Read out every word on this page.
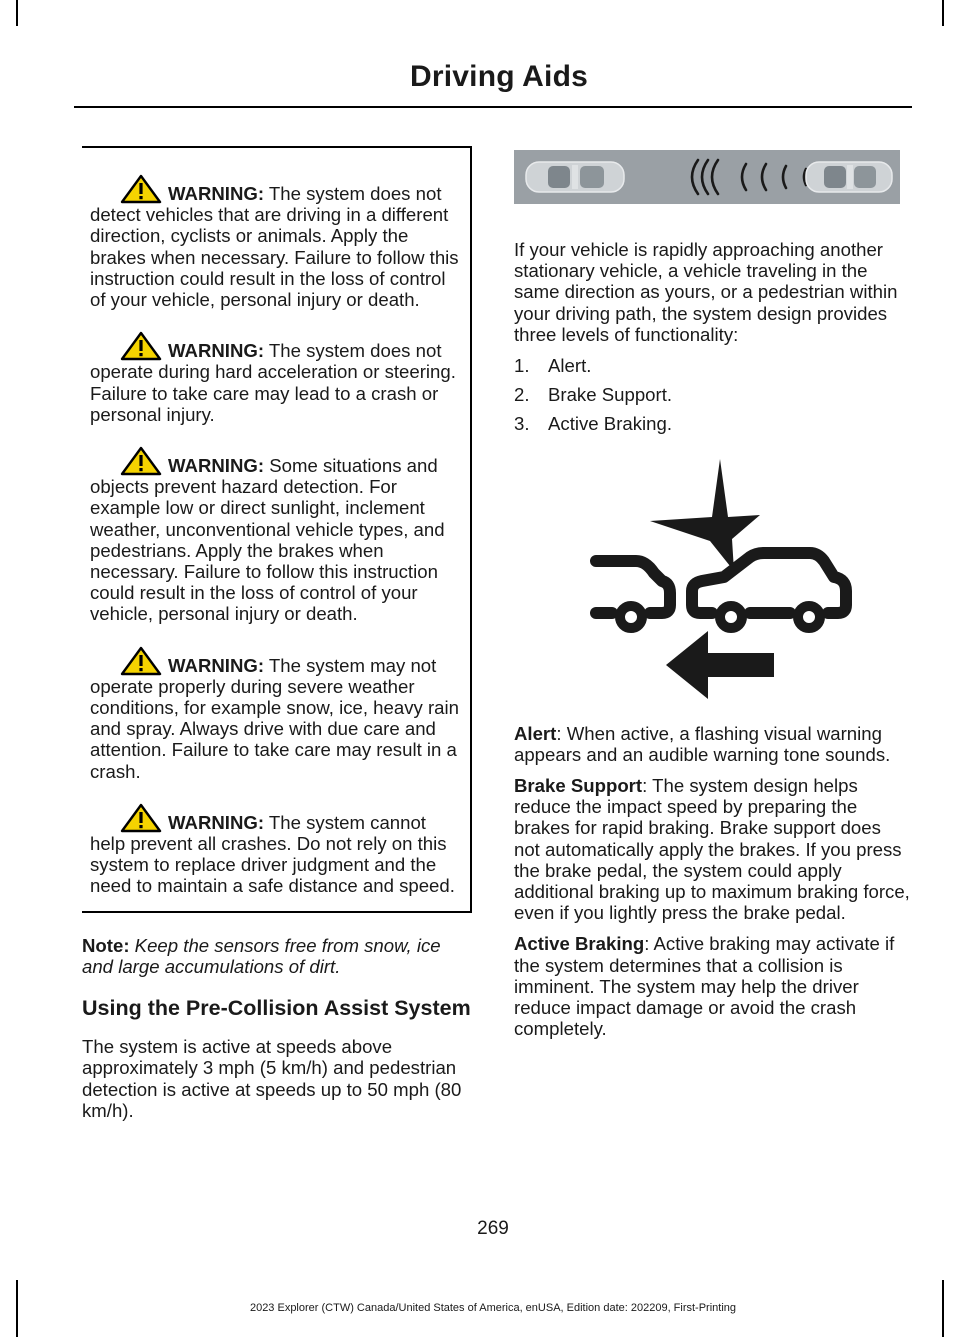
Driving Aids
WARNING: The system does not detect vehicles that are driving in a different direction, cyclists or animals. Apply the brakes when necessary. Failure to follow this instruction could result in the loss of control of your vehicle, personal injury or death.
WARNING: The system does not operate during hard acceleration or steering. Failure to take care may lead to a crash or personal injury.
WARNING: Some situations and objects prevent hazard detection. For example low or direct sunlight, inclement weather, unconventional vehicle types, and pedestrians. Apply the brakes when necessary. Failure to follow this instruction could result in the loss of control of your vehicle, personal injury or death.
WARNING: The system may not operate properly during severe weather conditions, for example snow, ice, heavy rain and spray. Always drive with due care and attention. Failure to take care may result in a crash.
WARNING: The system cannot help prevent all crashes. Do not rely on this system to replace driver judgment and the need to maintain a safe distance and speed.

Note: Keep the sensors free from snow, ice and large accumulations of dirt.

Using the Pre-Collision Assist System

The system is active at speeds above approximately 3 mph (5 km/h) and pedestrian detection is active at speeds up to 50 mph (80 km/h).

If your vehicle is rapidly approaching another stationary vehicle, a vehicle traveling in the same direction as yours, or a pedestrian within your driving path, the system design provides three levels of functionality:

1. Alert.
2. Brake Support.
3. Active Braking.

Alert: When active, a flashing visual warning appears and an audible warning tone sounds.

Brake Support: The system design helps reduce the impact speed by preparing the brakes for rapid braking. Brake support does not automatically apply the brakes. If you press the brake pedal, the system could apply additional braking up to maximum braking force, even if you lightly press the brake pedal.

Active Braking: Active braking may activate if the system determines that a collision is imminent. The system may help the driver reduce impact damage or avoid the crash completely.

269
2023 Explorer (CTW) Canada/United States of America, enUSA, Edition date: 202209, First-Printing
